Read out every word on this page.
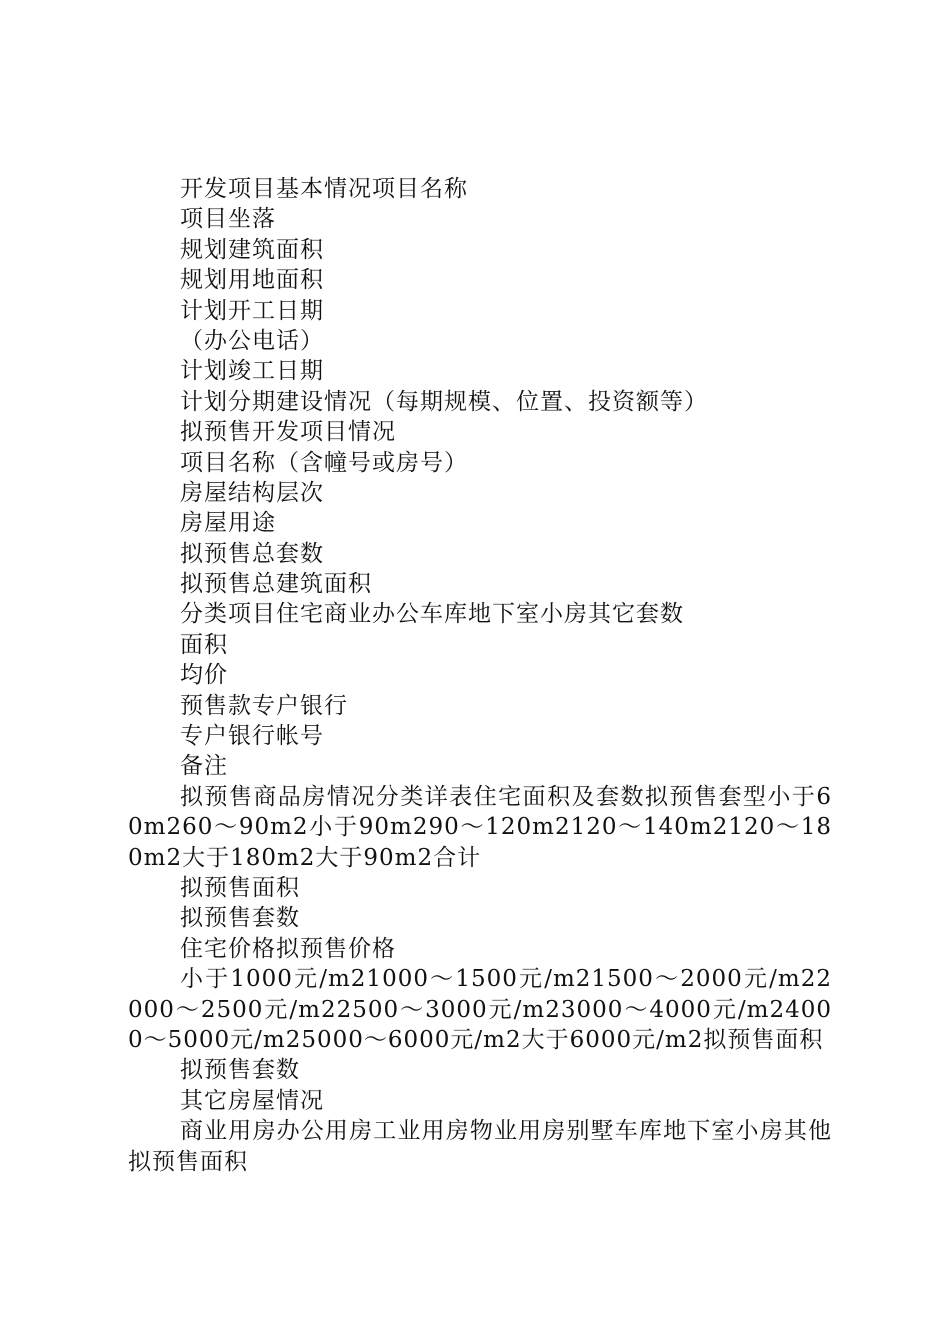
开发项目基本情况项目名称
项目坐落
规划建筑面积
规划用地面积
计划开工日期
（办公电话）
计划竣工日期
计划分期建设情况（每期规模、位置、投资额等）
拟预售开发项目情况
项目名称（含幢号或房号）
房屋结构层次
房屋用途
拟预售总套数
拟预售总建筑面积
分类项目住宅商业办公车库地下室小房其它套数
面积
均价
预售款专户银行
专户银行帐号
备注
拟预售商品房情况分类详表住宅面积及套数拟预售套型小于60m260～90m2小于90m290～120m2120～140m2120～180m2大于180m2大于90m2合计
拟预售面积
拟预售套数
住宅价格拟预售价格
小于1000元/m21000～1500元/m21500～2000元/m22000～2500元/m22500～3000元/m23000～4000元/m24000～5000元/m25000～6000元/m2大于6000元/m2拟预售面积
拟预售套数
其它房屋情况
商业用房办公用房工业用房物业用房别墅车库地下室小房其他拟预售面积
